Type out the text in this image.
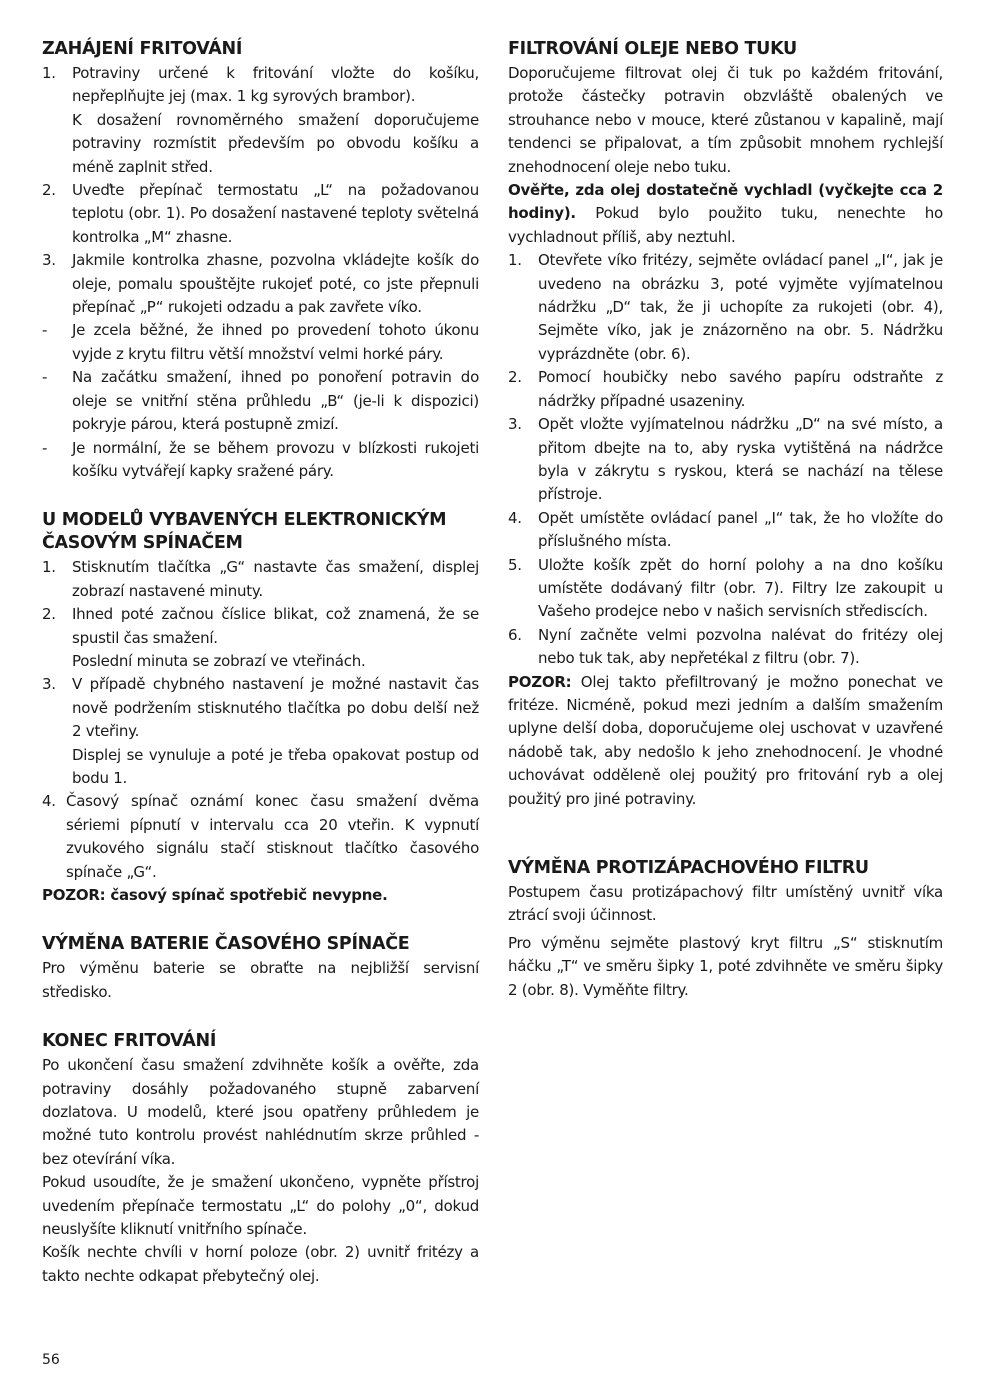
ZAHÁJENÍ FRITOVÁNÍ
1.	Potraviny určené k fritování vložte do košíku, nepřeplňujte jej (max. 1 kg syrových brambor).

K dosažení rovnoměrného smažení doporučujeme potraviny rozmístit především po obvodu košíku a méně zaplnit střed.

2.	Uveďte přepínač termostatu „L“ na požadovanou teplotu (obr. 1). Po dosažení nastavené teploty světelná kontrolka „M“ zhasne.
3.	Jakmile kontrolka zhasne, pozvolna vkládejte košík do oleje, pomalu spouštějte rukojeť poté, co jste přepnuli přepínač „P“ rukojeti odzadu a pak zavřete víko.
-	Je zcela běžné, že ihned po provedení tohoto úkonu vyjde z krytu filtru větší množství velmi horké páry.
-	Na začátku smažení, ihned po ponoření potravin do oleje se vnitřní stěna průhledu „B“ (je-li k dispozici) pokryje párou, která postupně zmizí.
-	Je normální, že se během provozu v blízkosti rukojeti košíku vytvářejí kapky sražené páry.
U MODELŮ VYBAVENÝCH ELEKTRONICKÝM ČASOVÝM SPÍNAČEM
1.	Stisknutím tlačítka „G“ nastavte čas smažení, displej zobrazí nastavené minuty.
2.	Ihned poté začnou číslice blikat, což znamená, že se spustil čas smažení.

Poslední minuta se zobrazí ve vteřinách.

3.	V případě chybného nastavení je možné nastavit čas nově podržením stisknutého tlačítka po dobu delší než 2 vteřiny.

Displej se vynuluje a poté je třeba opakovat postup od bodu 1.

4. Časový spínač oznámí konec času smažení dvěma sériemi pípnutí v intervalu cca 20 vteřin. K vypnutí zvukového signálu stačí stisknout tlačítko časového spínače „G“.

POZOR: časový spínač spotřebič nevypne.

VÝMĚNA BATERIE ČASOVÉHO SPÍNAČE

Pro výměnu baterie se obraťte na nejbližší servisní středisko.

KONEC FRITOVÁNÍ

Po ukončení času smažení zdvihněte košík a ověřte, zda potraviny dosáhly požadovaného stupně zabarvení dozlatova. U modelů, které jsou opatřeny průhledem je možné tuto kontrolu provést nahlédnutím skrze průhled - bez otevírání víka.

Pokud usoudíte, že je smažení ukončeno, vypněte přístroj uvedením přepínače termostatu „L“ do polohy „0“, dokud neuslyšíte kliknutí vnitřního spínače.

Košík nechte chvíli v horní poloze (obr. 2) uvnitř fritézy a takto nechte odkapat přebytečný olej.

FILTROVÁNÍ OLEJE NEBO TUKU

Doporučujeme filtrovat olej či tuk po každém fritování, protože částečky potravin obzvláště obalených ve strouhance nebo v mouce, které zůstanou v kapalině, mají tendenci se připalovat, a tím způsobit mnohem rychlejší znehodnocení oleje nebo tuku.

Ověřte, zda olej dostatečně vychladl (vyčkejte cca 2 hodiny). Pokud bylo použito tuku, nenechte ho vychladnout příliš, aby neztuhl.

1.	Otevřete víko fritézy, sejměte ovládací panel „I“, jak je uvedeno na obrázku 3, poté vyjměte vyjímatelnou nádržku „D“ tak, že ji uchopíte za rukojeti (obr. 4), Sejměte víko, jak je znázorněno na obr. 5. Nádržku vyprázdněte (obr. 6).
2.	Pomocí houbičky nebo savého papíru odstraňte z nádržky případné usazeniny.
3.	Opět vložte vyjímatelnou nádržku „D“ na své místo, a přitom dbejte na to, aby ryska vytištěná na nádržce byla v zákrytu s ryskou, která se nachází na tělese přístroje.
4.	Opět umístěte ovládací panel „I“ tak, že ho vložíte do příslušného místa.
5.	Uložte košík zpět do horní polohy a na dno košíku umístěte dodávaný filtr (obr. 7). Filtry lze zakoupit u Vašeho prodejce nebo v našich servisních střediscích.
6.	Nyní začněte velmi pozvolna nalévat do fritézy olej nebo tuk tak, aby nepřetékal z filtru (obr. 7).

POZOR: Olej takto přefiltrovaný je možno ponechat ve fritéze. Nicméně, pokud mezi jedním a dalším smažením uplyne delší doba, doporučujeme olej uschovat v uzavřené nádobě tak, aby nedošlo k jeho znehodnocení. Je vhodné uchovávat odděleně olej použitý pro fritování ryb a olej použitý pro jiné potraviny.

VÝMĚNA PROTIZÁPACHOVÉHO FILTRU

Postupem času protizápachový filtr umístěný uvnitř víka ztrácí svoji účinnost.

Pro výměnu sejměte plastový kryt filtru „S“ stisknutím háčku „T“ ve směru šipky 1, poté zdvihněte ve směru šipky 2 (obr. 8). Vyměňte filtry.

56
